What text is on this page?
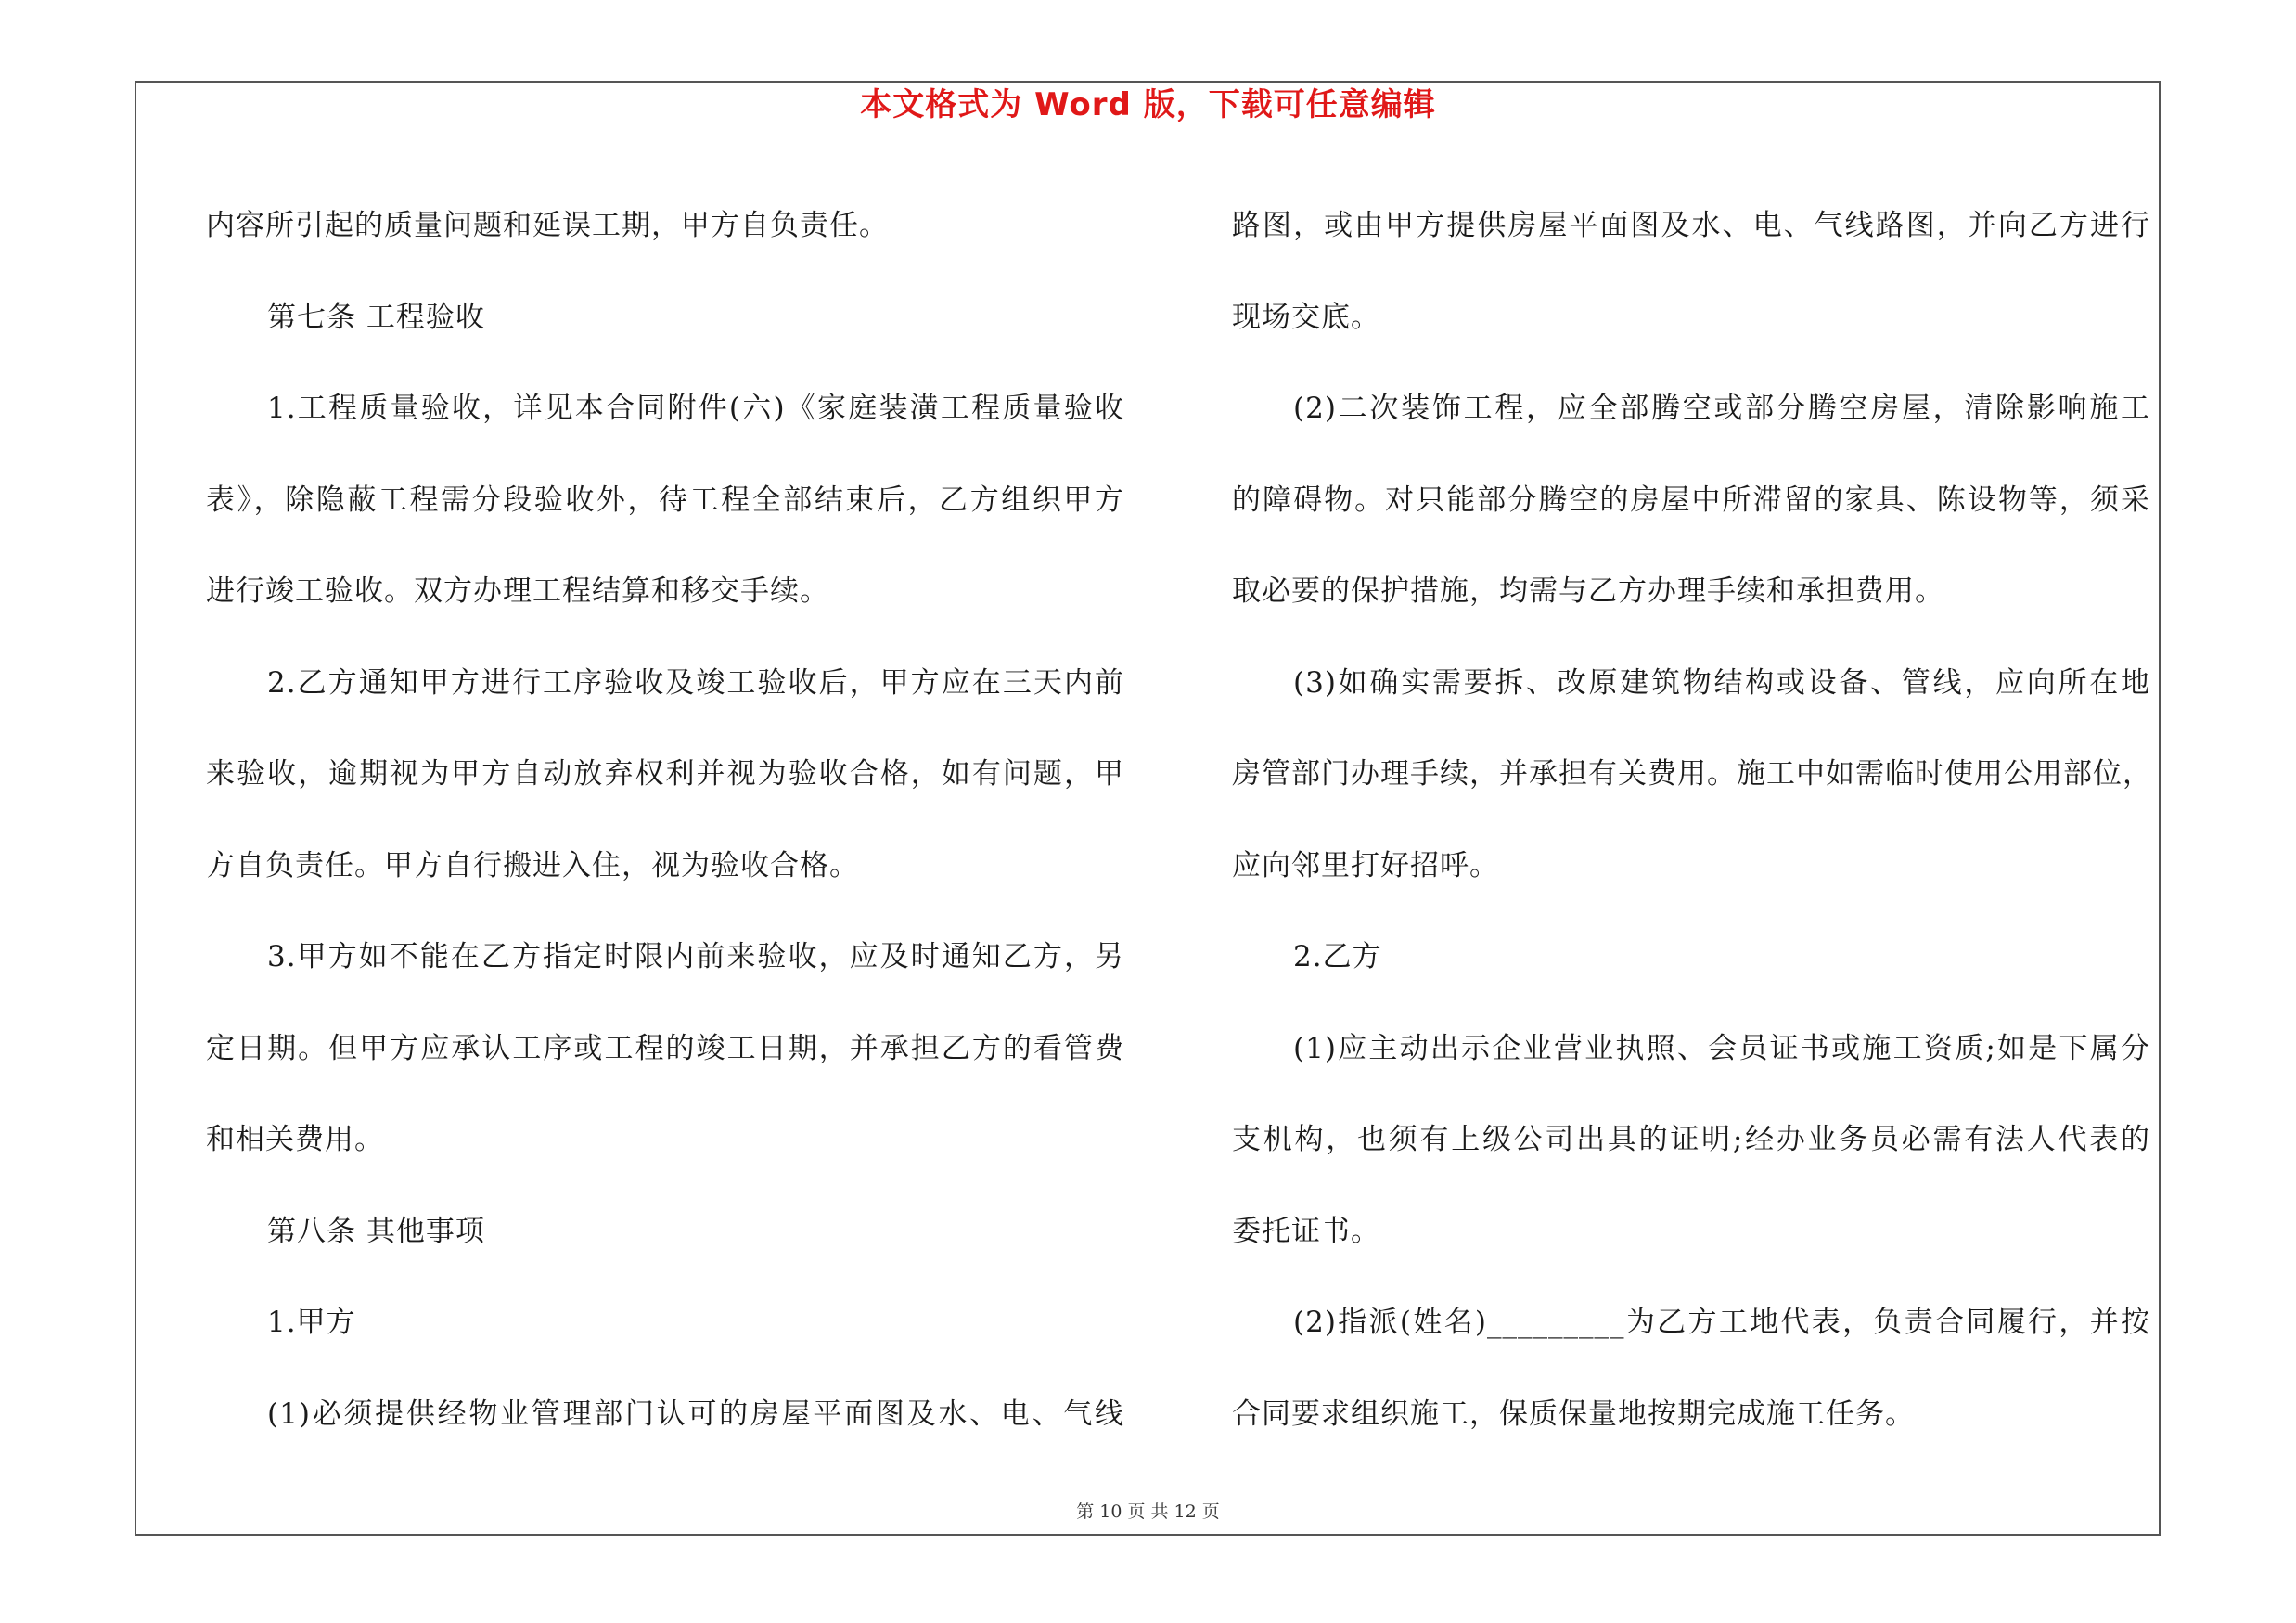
本文格式为 Word 版，下载可任意编辑
内容所引起的质量问题和延误工期，甲方自负责任。
第七条 工程验收
1.工程质量验收，详见本合同附件(六)《家庭装潢工程质量验收
表》，除隐蔽工程需分段验收外，待工程全部结束后，乙方组织甲方
进行竣工验收。双方办理工程结算和移交手续。
2.乙方通知甲方进行工序验收及竣工验收后，甲方应在三天内前
来验收，逾期视为甲方自动放弃权利并视为验收合格，如有问题，甲
方自负责任。甲方自行搬进入住，视为验收合格。
3.甲方如不能在乙方指定时限内前来验收，应及时通知乙方，另
定日期。但甲方应承认工序或工程的竣工日期，并承担乙方的看管费
和相关费用。
第八条 其他事项
1.甲方
(1)必须提供经物业管理部门认可的房屋平面图及水、电、气线
路图，或由甲方提供房屋平面图及水、电、气线路图，并向乙方进行
现场交底。
(2)二次装饰工程，应全部腾空或部分腾空房屋，清除影响施工
的障碍物。对只能部分腾空的房屋中所滞留的家具、陈设物等，须采
取必要的保护措施，均需与乙方办理手续和承担费用。
(3)如确实需要拆、改原建筑物结构或设备、管线，应向所在地
房管部门办理手续，并承担有关费用。施工中如需临时使用公用部位，
应向邻里打好招呼。
2.乙方
(1)应主动出示企业营业执照、会员证书或施工资质;如是下属分
支机构，也须有上级公司出具的证明;经办业务员必需有法人代表的
委托证书。
(2)指派(姓名)_________为乙方工地代表，负责合同履行，并按
合同要求组织施工，保质保量地按期完成施工任务。
第 10 页 共 12 页
